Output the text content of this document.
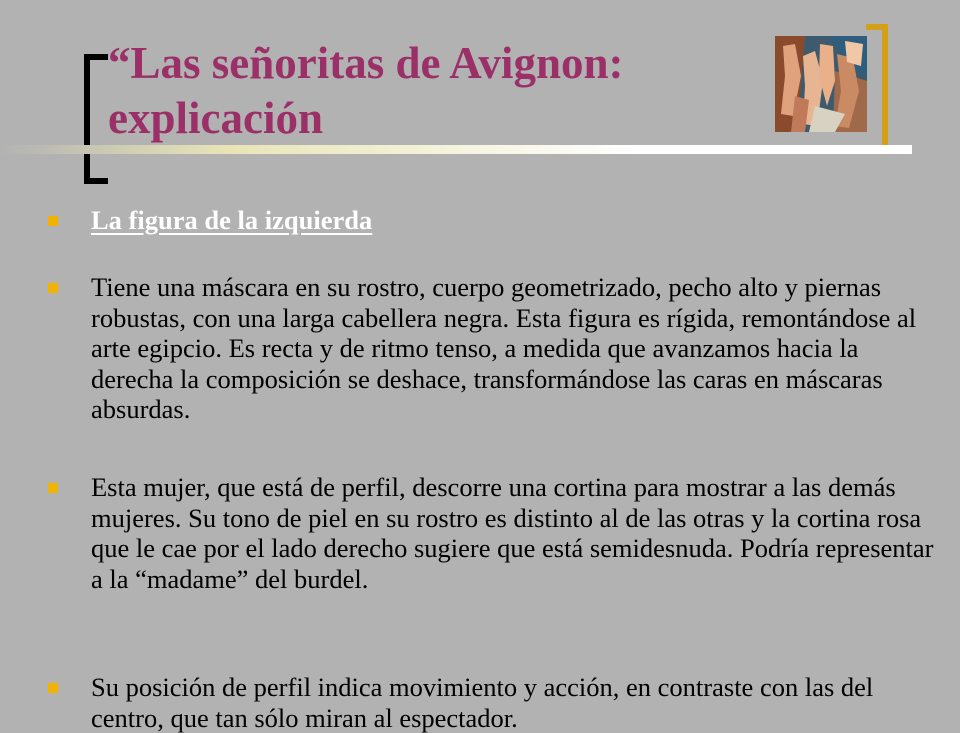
“Las señoritas de Avignon: explicación

La figura de la izquierda

Tiene una máscara en su rostro, cuerpo geometrizado, pecho alto y piernas robustas, con una larga cabellera negra. Esta figura es rígida, remontándose al arte egipcio. Es recta y de ritmo tenso, a medida que avanzamos hacia la derecha la composición se deshace, transformándose las caras en máscaras absurdas.

Esta mujer, que está de perfil, descorre una cortina para mostrar a las demás mujeres. Su tono de piel en su rostro es distinto al de las otras y la cortina rosa que le cae por el lado derecho sugiere que está semidesnuda. Podría representar a la “madame” del burdel.

Su posición de perfil indica movimiento y acción, en contraste con las del centro, que tan sólo miran al espectador.
